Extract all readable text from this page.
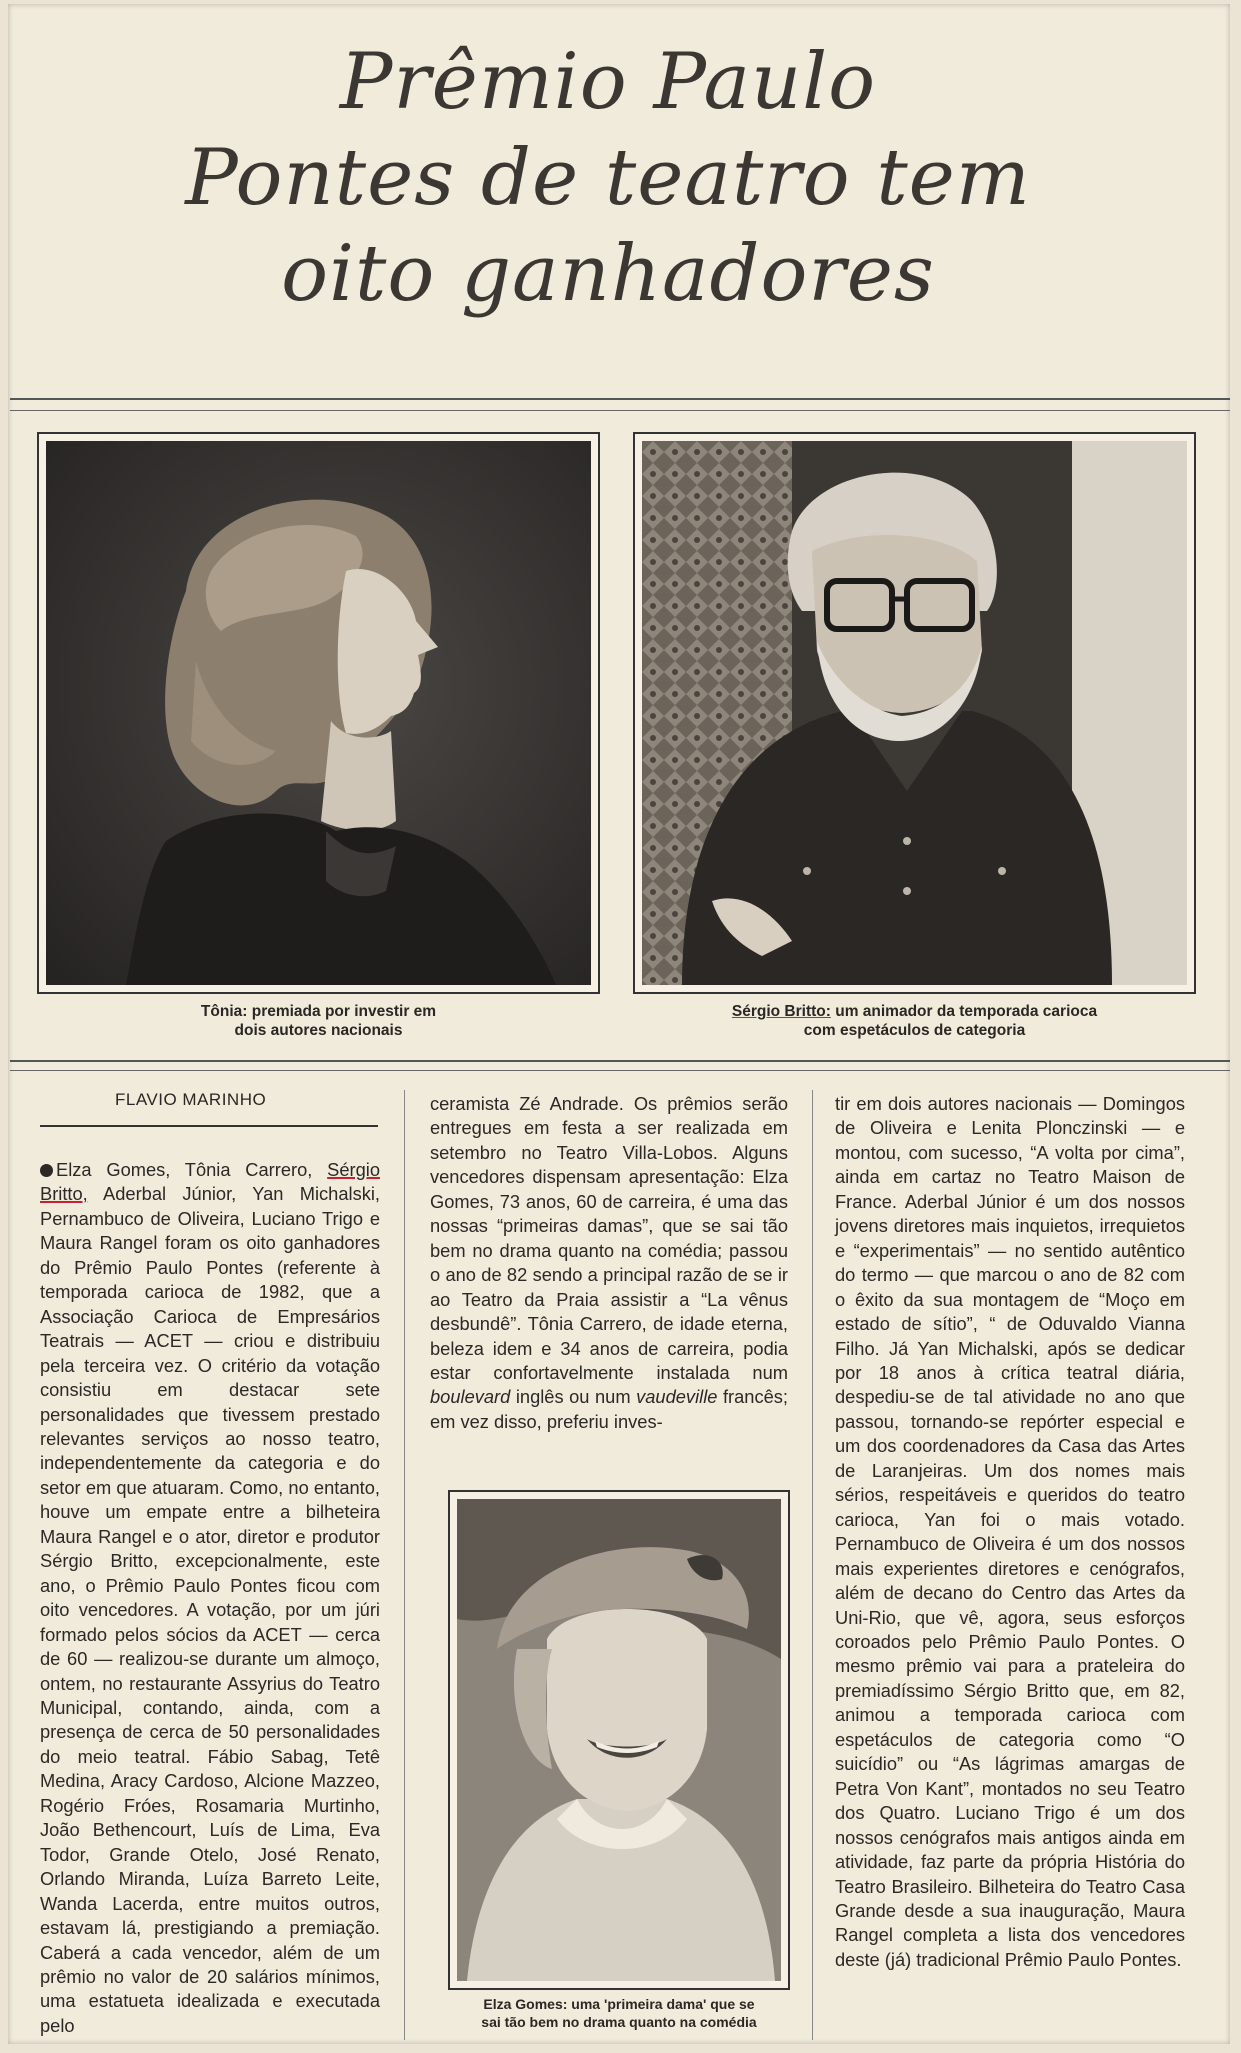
Prêmio Paulo
Pontes de teatro tem
oito ganhadores
Tônia: premiada por investir em
dois autores nacionais
Sérgio Britto: um animador da temporada carioca
com espetáculos de categoria
FLAVIO MARINHO

Elza Gomes, Tônia Carrero, Sérgio Britto, Aderbal Júnior, Yan Michalski, Pernambuco de Oliveira, Luciano Trigo e Maura Rangel foram os oito ganhadores do Prêmio Paulo Pontes (referente à temporada carioca de 1982, que a Associação Carioca de Empresários Teatrais — ACET — criou e distribuiu pela terceira vez. O critério da votação consistiu em destacar sete personalidades que tivessem prestado relevantes serviços ao nosso teatro, independentemente da categoria e do setor em que atuaram. Como, no entanto, houve um empate entre a bilheteira Maura Rangel e o ator, diretor e produtor Sérgio Britto, excepcionalmente, este ano, o Prêmio Paulo Pontes ficou com oito vencedores. A votação, por um júri formado pelos sócios da ACET — cerca de 60 — realizou-se durante um almoço, ontem, no restaurante Assyrius do Teatro Municipal, contando, ainda, com a presença de cerca de 50 personalidades do meio teatral. Fábio Sabag, Tetê Medina, Aracy Cardoso, Alcione Mazzeo, Rogério Fróes, Rosamaria Murtinho, João Bethencourt, Luís de Lima, Eva Todor, Grande Otelo, José Renato, Orlando Miranda, Luíza Barreto Leite, Wanda Lacerda, entre muitos outros, estavam lá, prestigiando a premiação. Caberá a cada vencedor, além de um prêmio no valor de 20 salários mínimos, uma estatueta idealizada e executada pelo

ceramista Zé Andrade. Os prêmios serão entregues em festa a ser realizada em setembro no Teatro Villa-Lobos. Alguns vencedores dispensam apresentação: Elza Gomes, 73 anos, 60 de carreira, é uma das nossas “primeiras damas”, que se sai tão bem no drama quanto na comédia; passou o ano de 82 sendo a principal razão de se ir ao Teatro da Praia assistir a “La vênus desbundê”. Tônia Carrero, de idade eterna, beleza idem e 34 anos de carreira, podia estar confortavelmente instalada num boulevard inglês ou num vaudeville francês; em vez disso, preferiu inves-

Elza Gomes: uma 'primeira dama' que se
sai tão bem no drama quanto na comédia

tir em dois autores nacionais — Domingos de Oliveira e Lenita Plonczinski — e montou, com sucesso, “A volta por cima”, ainda em cartaz no Teatro Maison de France. Aderbal Júnior é um dos nossos jovens diretores mais inquietos, irrequietos e “experimentais” — no sentido autêntico do termo — que marcou o ano de 82 com o êxito da sua montagem de “Moço em estado de sítio”, “ de Oduvaldo Vianna Filho. Já Yan Michalski, após se dedicar por 18 anos à crítica teatral diária, despediu-se de tal atividade no ano que passou, tornando-se repórter especial e um dos coordenadores da Casa das Artes de Laranjeiras. Um dos nomes mais sérios, respeitáveis e queridos do teatro carioca, Yan foi o mais votado. Pernambuco de Oliveira é um dos nossos mais experientes diretores e cenógrafos, além de decano do Centro das Artes da Uni-Rio, que vê, agora, seus esforços coroados pelo Prêmio Paulo Pontes. O mesmo prêmio vai para a prateleira do premiadíssimo Sérgio Britto que, em 82, animou a temporada carioca com espetáculos de categoria como “O suicídio” ou “As lágrimas amargas de Petra Von Kant”, montados no seu Teatro dos Quatro. Luciano Trigo é um dos nossos cenógrafos mais antigos ainda em atividade, faz parte da própria História do Teatro Brasileiro. Bilheteira do Teatro Casa Grande desde a sua inauguração, Maura Rangel completa a lista dos vencedores deste (já) tradicional Prêmio Paulo Pontes.
